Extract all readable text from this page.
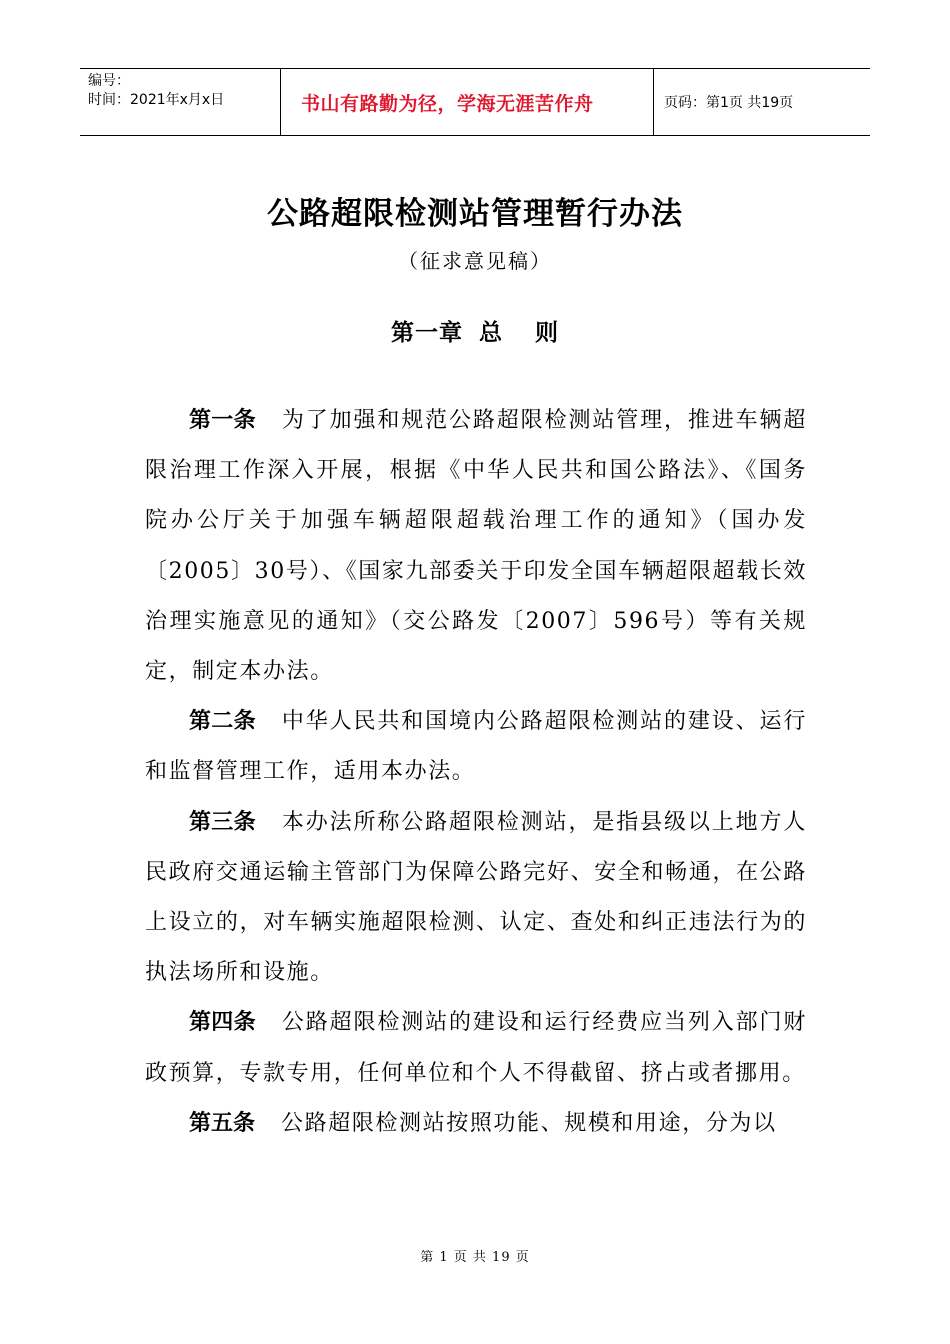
编号：
时间：2021年x月x日	书山有路勤为径，学海无涯苦作舟	页码：第1页 共19页
公路超限检测站管理暂行办法
（征求意见稿）
第一章 总 则

第一条 为了加强和规范公路超限检测站管理，推进车辆超限治理工作深入开展，根据《中华人民共和国公路法》、《国务院办公厅关于加强车辆超限超载治理工作的通知》（国办发〔2005〕30号）、《国家九部委关于印发全国车辆超限超载长效治理实施意见的通知》（交公路发〔2007〕596号）等有关规定，制定本办法。

第二条 中华人民共和国境内公路超限检测站的建设、运行和监督管理工作，适用本办法。

第三条 本办法所称公路超限检测站，是指县级以上地方人民政府交通运输主管部门为保障公路完好、安全和畅通，在公路上设立的，对车辆实施超限检测、认定、查处和纠正违法行为的执法场所和设施。

第四条 公路超限检测站的建设和运行经费应当列入部门财政预算，专款专用，任何单位和个人不得截留、挤占或者挪用。

第五条 公路超限检测站按照功能、规模和用途，分为以

第 1 页 共 19 页
